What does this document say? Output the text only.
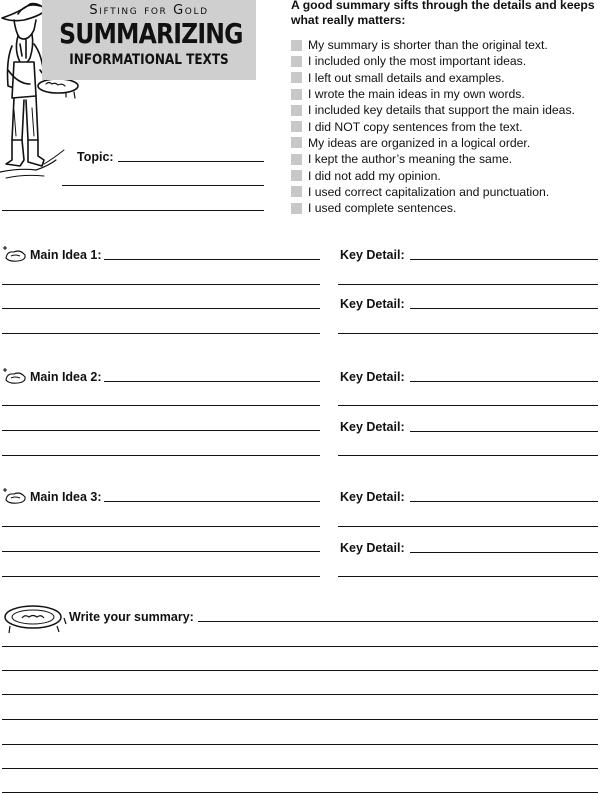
Sifting for Gold
SUMMARIZING
INFORMATIONAL TEXTS
A good summary sifts through the details and keeps what really matters:
My summary is shorter than the original text.
I included only the most important ideas.
I left out small details and examples.
I wrote the main ideas in my own words.
I included key details that support the main ideas.
I did NOT copy sentences from the text.
My ideas are organized in a logical order.
I kept the author’s meaning the same.
I did not add my opinion.
I used correct capitalization and punctuation.
I used complete sentences.
Topic:
Main Idea 1:	Key Detail:
Key Detail:
Main Idea 2:	Key Detail:
Key Detail:
Main Idea 3:	Key Detail:
Key Detail:
Write your summary:
